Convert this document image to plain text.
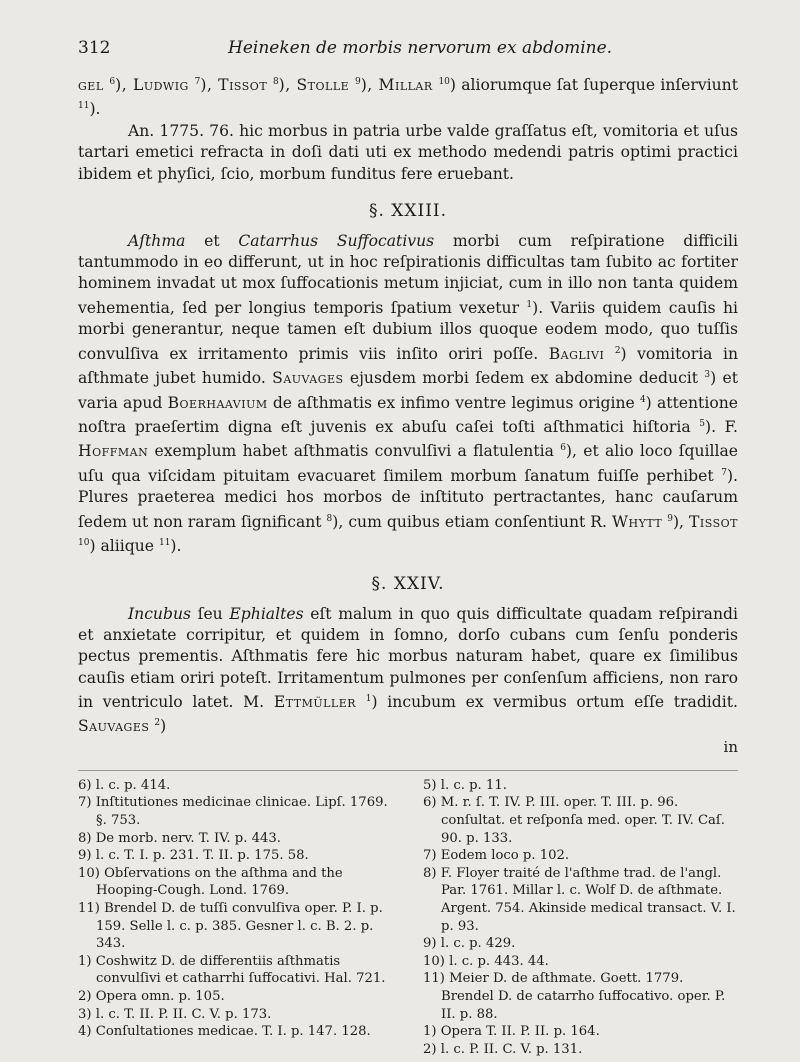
312	Heineken de morbis nervorum ex abdomine.

gel $^6$), Ludwig $^7$), Tissot $^8$), Stolle $^9$), Millar $^{10}$) aliorumque ſat ſuperque inſerviunt $^{11}$).

An. 1775. 76. hic morbus in patria urbe valde graſſatus eſt, vomitoria et uſus tartari emetici refracta in doſi dati uti ex methodo medendi patris optimi practici ibidem et phyſici, ſcio, morbum funditus fere eruebant.

§. XXIII.

Aſthma et Catarrhus Suffocativus morbi cum reſpiratione difficili tantummodo in eo differunt, ut in hoc reſpirationis difficultas tam ſubito ac fortiter hominem invadat ut mox ſuffocationis metum injiciat, cum in illo non tanta quidem vehementia, ſed per longius temporis ſpatium vexetur $^1$). Variis quidem cauſis hi morbi generantur, neque tamen eſt dubium illos quoque eodem modo, quo tuſſis convulſiva ex irritamento primis viis inſito oriri poſſe. Baglivi $^2$) vomitoria in aſthmate jubet humido. Sauvages ejusdem morbi ſedem ex abdomine deducit $^3$) et varia apud Boerhaavium de aſthmatis ex infimo ventre legimus origine $^4$) attentione noſtra praeſertim digna eſt juvenis ex abuſu caſei toſti aſthmatici hiſtoria $^5$). F. Hoffman exemplum habet aſthmatis convulſivi a flatulentia $^6$), et alio loco ſquillae uſu qua viſcidam pituitam evacuaret ſimilem morbum ſanatum fuiſſe perhibet $^7$). Plures praeterea medici hos morbos de inſtituto pertractantes, hanc cauſarum ſedem ut non raram ſignificant $^8$), cum quibus etiam conſentiunt R. Whytt $^9$), Tissot $^{10}$) aliique $^{11}$).

§. XXIV.

Incubus ſeu Ephialtes eſt malum in quo quis difficultate quadam reſpirandi et anxietate corripitur, et quidem in ſomno, dorſo cubans cum ſenſu ponderis pectus prementis. Aſthmatis fere hic morbus naturam habet, quare ex ſimilibus cauſis etiam oriri poteſt. Irritamentum pulmones per conſenſum afficiens, non raro in ventriculo latet. M. Ettmüller $^1$) incubum ex vermibus ortum eſſe tradidit. Sauvages $^2$)

in

6) l. c. p. 414.

7) Inſtitutiones medicinae clinicae. Lipſ. 1769. §. 753.

8) De morb. nerv. T. IV. p. 443.

9) l. c. T. I. p. 231. T. II. p. 175. 58.

10) Obſervations on the aſthma and the Hooping-Cough. Lond. 1769.

11) Brendel D. de tuſſi convulſiva oper. P. I. p. 159. Selle l. c. p. 385. Gesner l. c. B. 2. p. 343.

1) Coshwitz D. de differentiis aſthmatis convulſivi et catharrhi ſuffocativi. Hal. 721.

2) Opera omn. p. 105.

3) l. c. T. II. P. II. C. V. p. 173.

4) Conſultationes medicae. T. I. p. 147. 128.

5) l. c. p. 11.

6) M. r. ſ. T. IV. P. III. oper. T. III. p. 96. conſultat. et reſponſa med. oper. T. IV. Caſ. 90. p. 133.

7) Eodem loco p. 102.

8) F. Floyer traité de l'aſthme trad. de l'angl. Par. 1761. Millar l. c. Wolf D. de aſthmate. Argent. 754. Akinside medical transact. V. I. p. 93.

9) l. c. p. 429.

10) l. c. p. 443. 44.

11) Meier D. de aſthmate. Goett. 1779. Brendel D. de catarrho ſuffocativo. oper. P. II. p. 88.

1) Opera T. II. P. II. p. 164.

2) l. c. P. II. C. V. p. 131.
